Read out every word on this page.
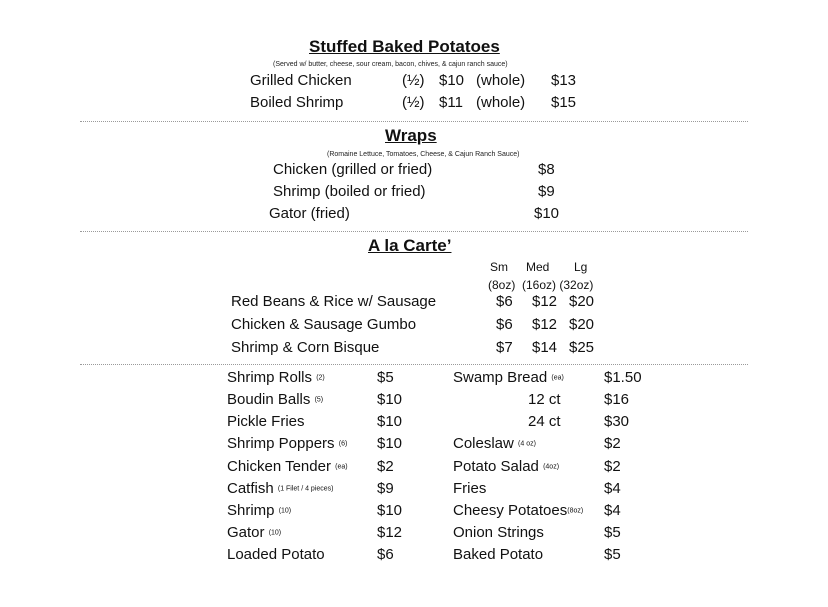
Stuffed Baked Potatoes
(Served w/ butter, cheese, sour cream, bacon, chives, & cajun ranch sauce)
Grilled Chicken	(½) $10 (whole) $13
Boiled Shrimp	(½) $11 (whole) $15
Wraps
(Romaine Lettuce, Tomatoes, Cheese, & Cajun Ranch Sauce)
Chicken (grilled or fried)	$8
Shrimp (boiled or fried)	$9
Gator (fried)	$10
A la Carte’
Sm Med Lg
(8oz)  (16oz) (32oz)
Red Beans & Rice w/ Sausage	$6 $12 $20
Chicken & Sausage Gumbo	$6 $12 $20
Shrimp & Corn Bisque	$7 $14 $25
Shrimp Rolls (2)	$5
Boudin Balls (5)	$10
Pickle Fries	$10
Shrimp Poppers (6) $10
Chicken Tender (ea) $2
Catfish (1 Filet / 4 pieces)	$9
Shrimp (10)	$10
Gator (10)	$12
Loaded Potato	$6
Swamp Bread (ea)	$1.50
12 ct	$16
24 ct	$30
Coleslaw (4 oz)	$2
Potato Salad (4oz)	$2
Fries	$4
Cheesy Potatoes(8oz) $4
Onion Strings	$5
Baked Potato	$5
